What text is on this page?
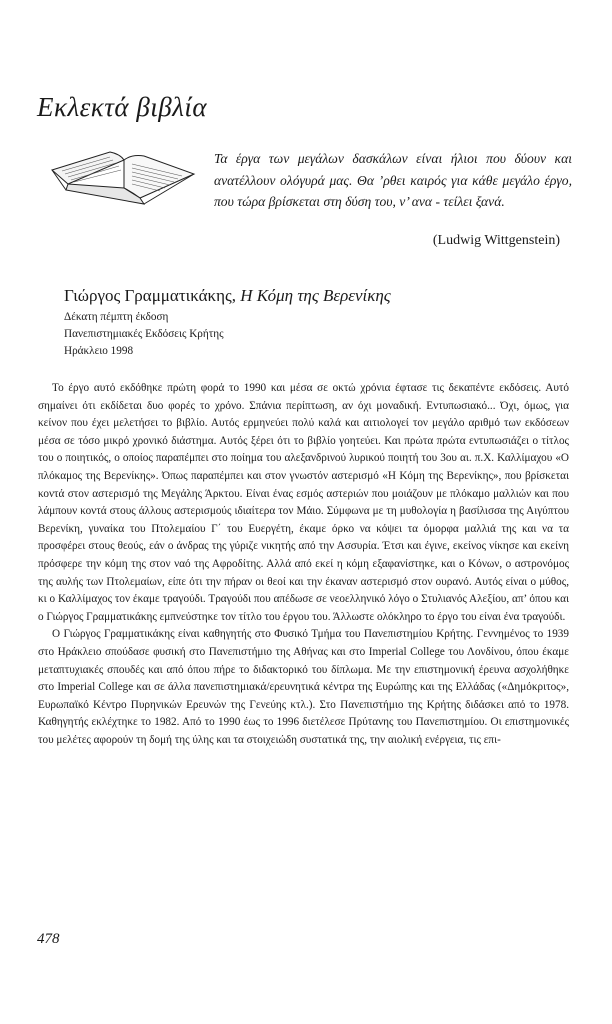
Εκλεκτά βιβλία
Τα έργα των μεγάλων δασκάλων είναι ήλιοι που δύουν και ανατέλλουν ολόγυρά μας. Θα ’ρθει καιρός για κάθε μεγάλο έργο, που τώρα βρίσκεται στη δύση του, ν’ ανα - τείλει ξανά.
(Ludwig Wittgenstein)
Γιώργος Γραμματικάκης, Η Κόμη της Βερενίκης
Δέκατη πέμπτη έκδοση
Πανεπιστημιακές Εκδόσεις Κρήτης
Ηράκλειο 1998

Το έργο αυτό εκδόθηκε πρώτη φορά το 1990 και μέσα σε οκτώ χρόνια έφτασε τις δεκαπέντε εκδόσεις. Αυτό σημαίνει ότι εκδίδεται δυο φορές το χρόνο. Σπάνια περίπτωση, αν όχι μοναδική. Εντυπωσιακό... Όχι, όμως, για κείνον που έχει μελετήσει το βιβλίο. Αυτός ερμηνεύει πολύ καλά και αιτιολογεί τον μεγάλο αριθμό των εκδόσεων μέσα σε τόσο μικρό χρονικό διάστημα. Αυτός ξέρει ότι το βιβλίο γοητεύει. Και πρώτα πρώτα εντυπωσιάζει ο τίτλος του ο ποιητικός, ο οποίος παραπέμπει στο ποίημα του αλεξανδρινού λυρικού ποιητή του 3ου αι. π.Χ. Καλλίμαχου «Ο πλόκαμος της Βερενίκης». Όπως παραπέμπει και στον γνωστόν αστερισμό «Η Κόμη της Βερενίκης», που βρίσκεται κοντά στον αστερισμό της Μεγάλης Άρκτου. Είναι ένας εσμός αστεριών που μοιάζουν με πλόκαμο μαλλιών και που λάμπουν κοντά στους άλλους αστερισμούς ιδιαίτερα τον Μάιο. Σύμφωνα με τη μυθολογία η βασίλισσα της Αιγύπτου Βερενίκη, γυναίκα του Πτολεμαίου Γ΄ του Ευεργέτη, έκαμε όρκο να κόψει τα όμορφα μαλλιά της και να τα προσφέρει στους θεούς, εάν ο άνδρας της γύριζε νικητής από την Ασσυρία. Έτσι και έγινε, εκείνος νίκησε και εκείνη πρόσφερε την κόμη της στον ναό της Αφροδίτης. Αλλά από εκεί η κόμη εξαφανίστηκε, και ο Κόνων, ο αστρονόμος της αυλής των Πτολεμαίων, είπε ότι την πήραν οι θεοί και την έκαναν αστερισμό στον ουρανό. Αυτός είναι ο μύθος, κι ο Καλλίμαχος τον έκαμε τραγούδι. Τραγούδι που απέδωσε σε νεοελληνικό λόγο ο Στυλιανός Αλεξίου, απ’ όπου και ο Γιώργος Γραμματικάκης εμπνεύστηκε τον τίτλο του έργου του. Άλλωστε ολόκληρο το έργο του είναι ένα τραγούδι.

Ο Γιώργος Γραμματικάκης είναι καθηγητής στο Φυσικό Τμήμα του Πανεπιστημίου Κρήτης. Γεννημένος το 1939 στο Ηράκλειο σπούδασε φυσική στο Πανεπιστήμιο της Αθήνας και στο Imperial College του Λονδίνου, όπου έκαμε μεταπτυχιακές σπουδές και από όπου πήρε το διδακτορικό του δίπλωμα. Με την επιστημονική έρευνα ασχολήθηκε στο Imperial College και σε άλλα πανεπιστημιακά/ερευνητικά κέντρα της Ευρώπης και της Ελλάδας («Δημόκριτος», Ευρωπαϊκό Κέντρο Πυρηνικών Ερευνών της Γενεύης κτλ.). Στο Πανεπιστήμιο της Κρήτης διδάσκει από το 1978. Καθηγητής εκλέχτηκε το 1982. Από το 1990 έως το 1996 διετέλεσε Πρύτανης του Πανεπιστημίου. Οι επιστημονικές του μελέτες αφορούν τη δομή της ύλης και τα στοιχειώδη συστατικά της, την αιολική ενέργεια, τις επι-

478
